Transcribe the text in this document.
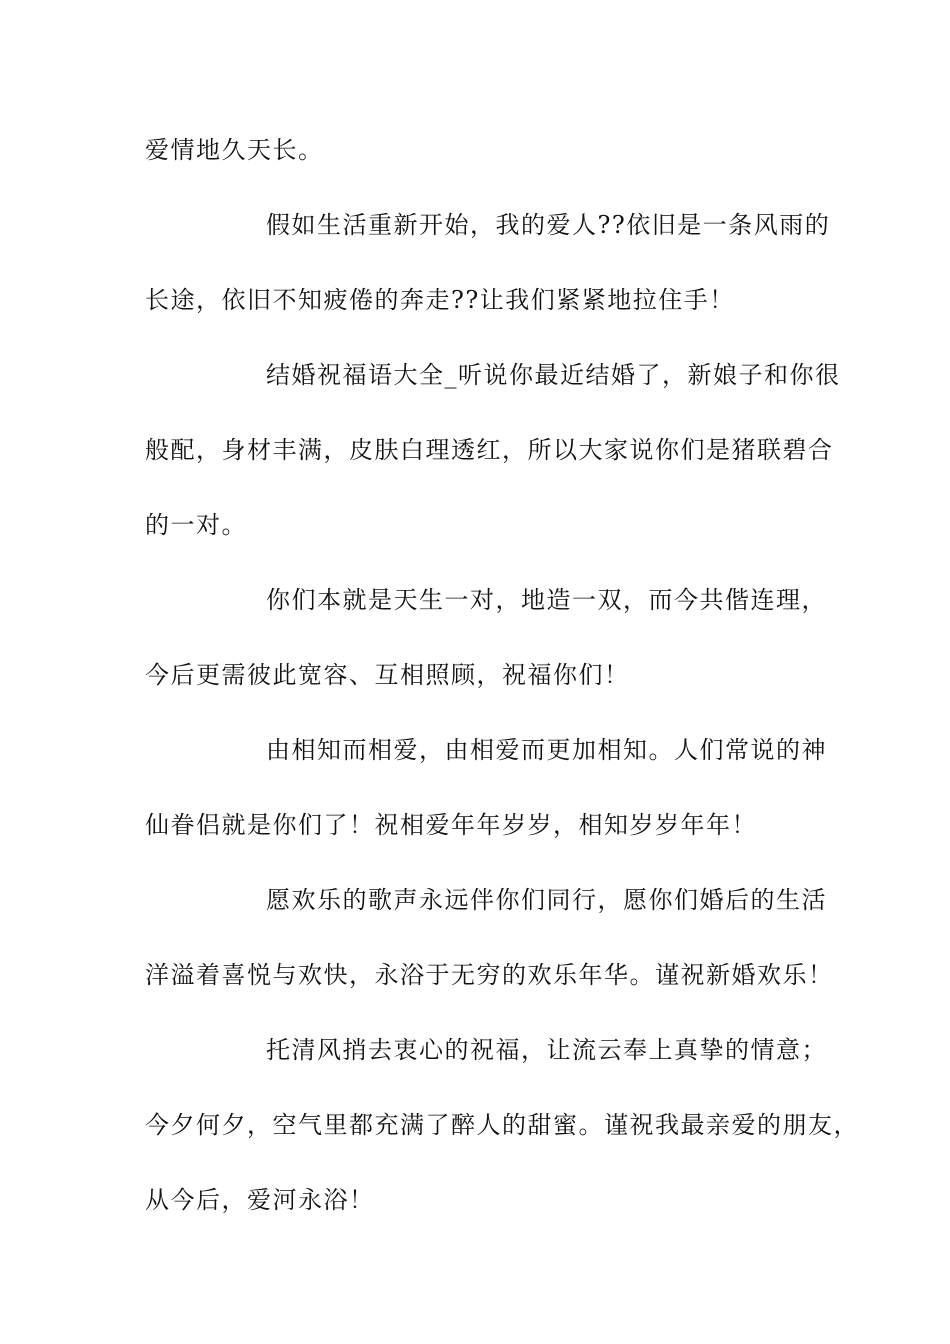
爱情地久天长。
假如生活重新开始，我的爱人??依旧是一条风雨的
长途，依旧不知疲倦的奔走??让我们紧紧地拉住手！
结婚祝福语大全_听说你最近结婚了，新娘子和你很
般配，身材丰满，皮肤白理透红，所以大家说你们是猪联碧合
的一对。
你们本就是天生一对，地造一双，而今共偕连理，
今后更需彼此宽容、互相照顾，祝福你们！
由相知而相爱，由相爱而更加相知。人们常说的神
仙眷侣就是你们了！祝相爱年年岁岁，相知岁岁年年！
愿欢乐的歌声永远伴你们同行，愿你们婚后的生活
洋溢着喜悦与欢快，永浴于无穷的欢乐年华。谨祝新婚欢乐！
托清风捎去衷心的祝福，让流云奉上真挚的情意；
今夕何夕，空气里都充满了醉人的甜蜜。谨祝我最亲爱的朋友，
从今后，爱河永浴！
